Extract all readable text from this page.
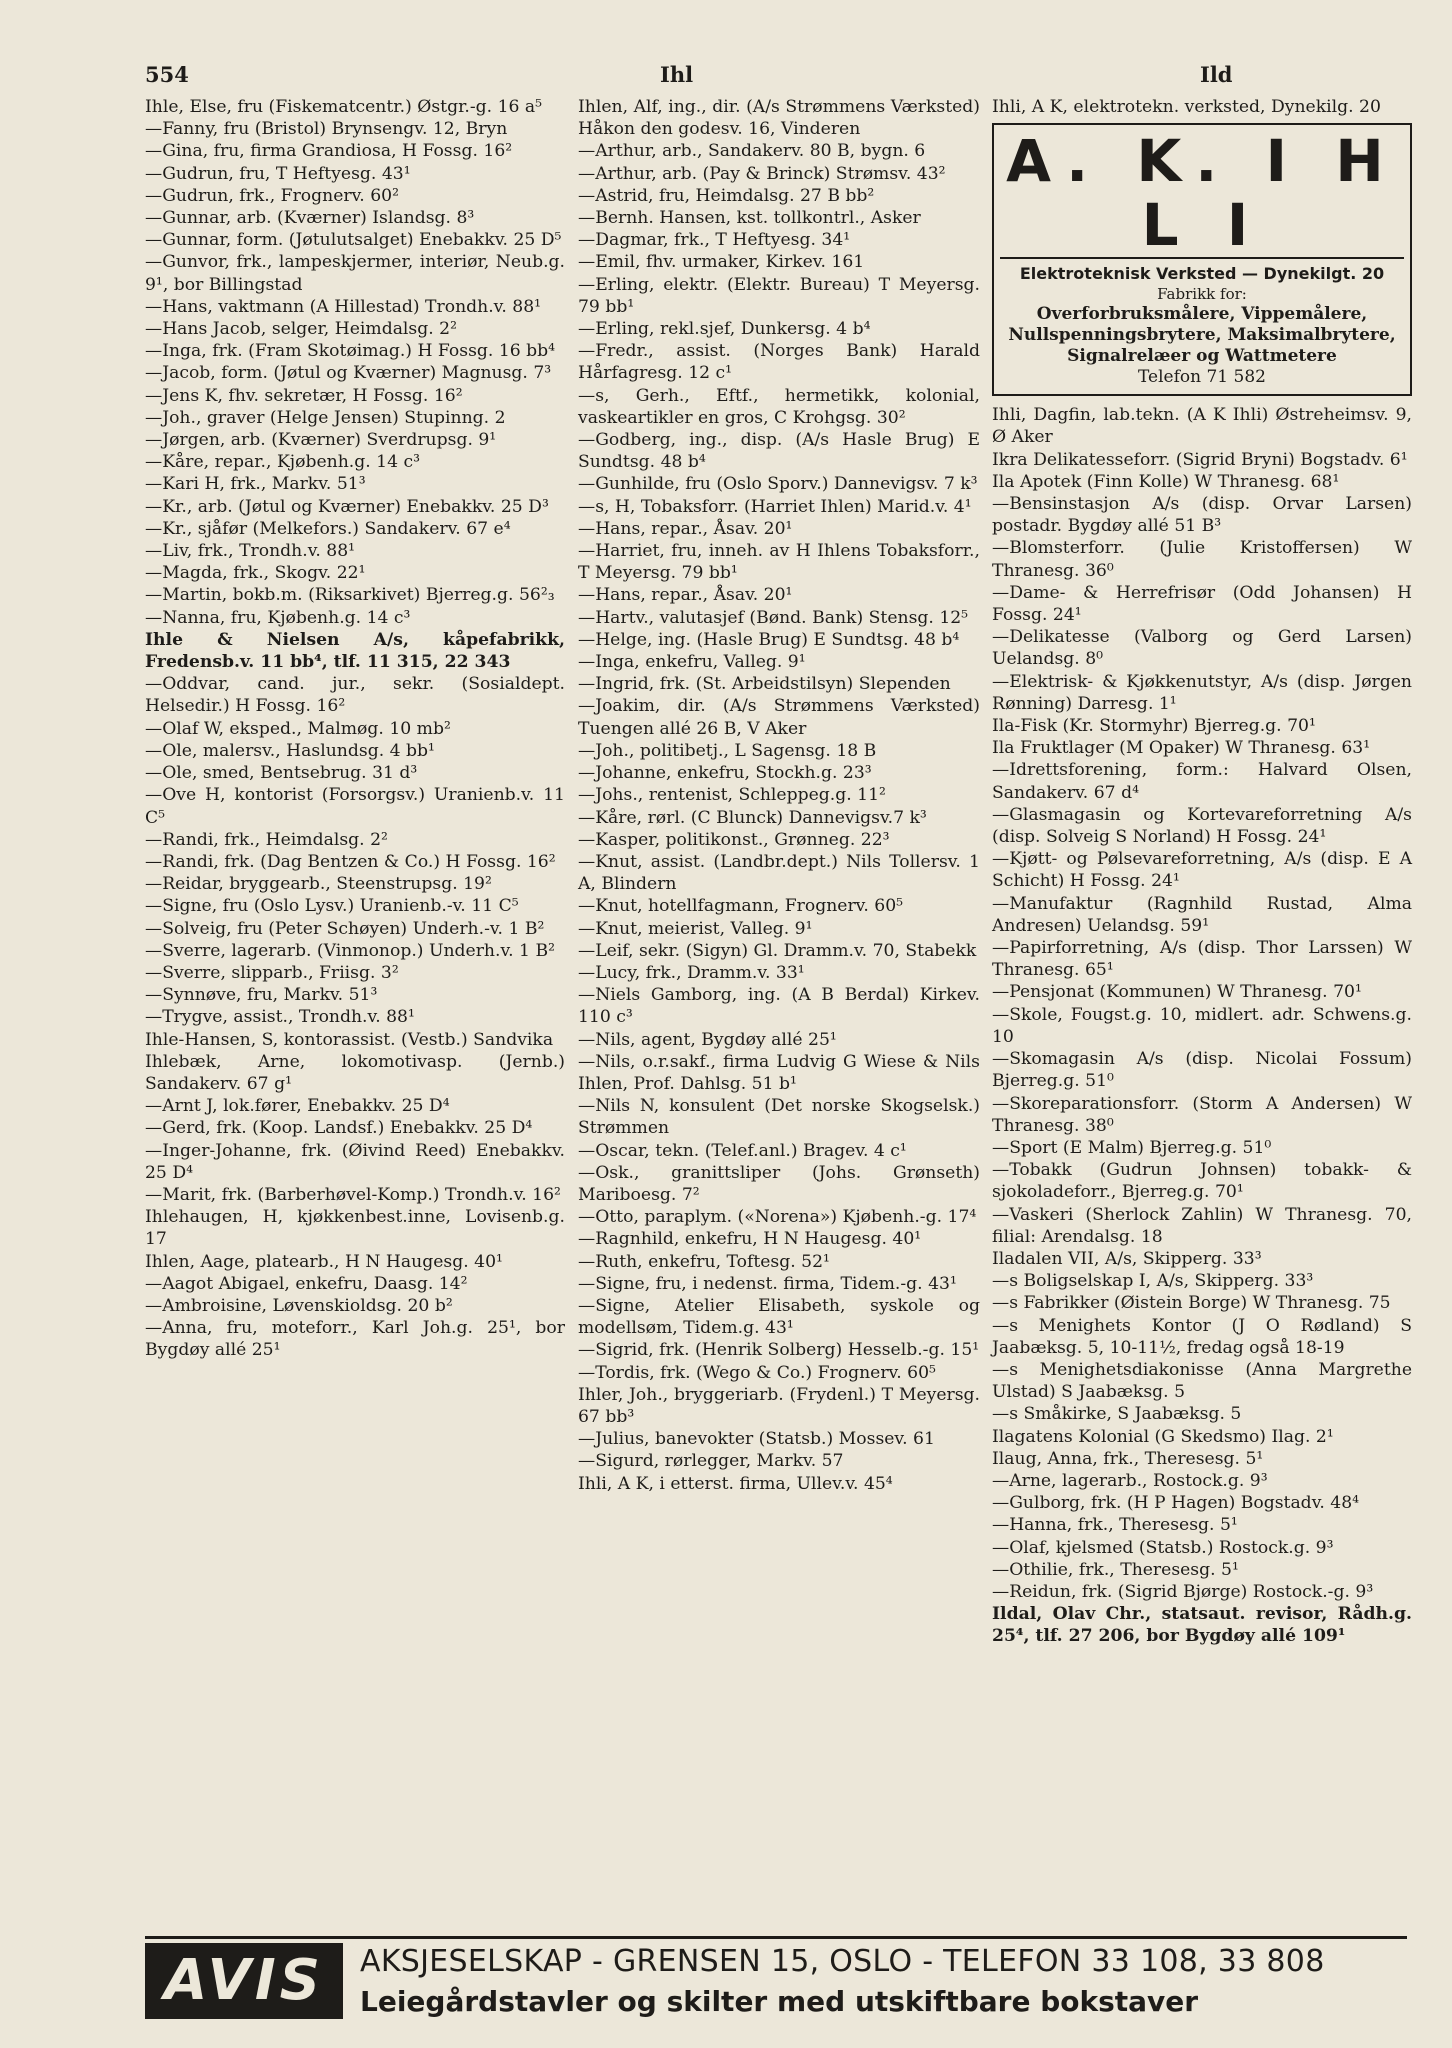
554	Ihl	Ild
Ihle, Else, fru (Fiskematcentr.) Østgr.-g. 16 a⁵
—Fanny, fru (Bristol) Brynsengv. 12, Bryn
—Gina, fru, firma Grandiosa, H Fossg. 16²
—Gudrun, fru, T Heftyesg. 43¹
—Gudrun, frk., Frognerv. 60²
—Gunnar, arb. (Kværner) Islandsg. 8³
—Gunnar, form. (Jøtulutsalget) Enebakkv. 25 D⁵
—Gunvor, frk., lampeskjermer, interiør, Neub.g. 9¹, bor Billingstad
—Hans, vaktmann (A Hillestad) Trondh.v. 88¹
—Hans Jacob, selger, Heimdalsg. 2²
—Inga, frk. (Fram Skotøimag.) H Fossg. 16 bb⁴
—Jacob, form. (Jøtul og Kværner) Magnusg. 7³
—Jens K, fhv. sekretær, H Fossg. 16²
—Joh., graver (Helge Jensen) Stupinng. 2
—Jørgen, arb. (Kværner) Sverdrupsg. 9¹
—Kåre, repar., Kjøbenh.g. 14 c³
—Kari H, frk., Markv. 51³
—Kr., arb. (Jøtul og Kværner) Enebakkv. 25 D³
—Kr., sjåfør (Melkefors.) Sandakerv. 67 e⁴
—Liv, frk., Trondh.v. 88¹
—Magda, frk., Skogv. 22¹
—Martin, bokb.m. (Riksarkivet) Bjerreg.g. 56²₃
—Nanna, fru, Kjøbenh.g. 14 c³
Ihle & Nielsen A/s, kåpefabrikk, Fredensb.v. 11 bb⁴, tlf. 11 315, 22 343
—Oddvar, cand. jur., sekr. (Sosialdept. Helsedir.) H Fossg. 16²
—Olaf W, eksped., Malmøg. 10 mb²
—Ole, malersv., Haslundsg. 4 bb¹
—Ole, smed, Bentsebrug. 31 d³
—Ove H, kontorist (Forsorgsv.) Uranienb.v. 11 C⁵
—Randi, frk., Heimdalsg. 2²
—Randi, frk. (Dag Bentzen & Co.) H Fossg. 16²
—Reidar, bryggearb., Steenstrupsg. 19²
—Signe, fru (Oslo Lysv.) Uranienb.-v. 11 C⁵
—Solveig, fru (Peter Schøyen) Underh.-v. 1 B²
—Sverre, lagerarb. (Vinmonop.) Underh.v. 1 B²
—Sverre, slipparb., Friisg. 3²
—Synnøve, fru, Markv. 51³
—Trygve, assist., Trondh.v. 88¹
Ihle-Hansen, S, kontorassist. (Vestb.) Sandvika
Ihlebæk, Arne, lokomotivasp. (Jernb.) Sandakerv. 67 g¹
—Arnt J, lok.fører, Enebakkv. 25 D⁴
—Gerd, frk. (Koop. Landsf.) Enebakkv. 25 D⁴
—Inger-Johanne, frk. (Øivind Reed) Enebakkv. 25 D⁴
—Marit, frk. (Barberhøvel-Komp.) Trondh.v. 16²
Ihlehaugen, H, kjøkkenbest.inne, Lovisenb.g. 17
Ihlen, Aage, platearb., H N Haugesg. 40¹
—Aagot Abigael, enkefru, Daasg. 14²
—Ambroisine, Løvenskioldsg. 20 b²
—Anna, fru, moteforr., Karl Joh.g. 25¹, bor Bygdøy allé 25¹
Ihlen, Alf, ing., dir. (A/s Strømmens Værksted) Håkon den godesv. 16, Vinderen
—Arthur, arb., Sandakerv. 80 B, bygn. 6
—Arthur, arb. (Pay & Brinck) Strømsv. 43²
—Astrid, fru, Heimdalsg. 27 B bb²
—Bernh. Hansen, kst. tollkontrl., Asker
—Dagmar, frk., T Heftyesg. 34¹
—Emil, fhv. urmaker, Kirkev. 161
—Erling, elektr. (Elektr. Bureau) T Meyersg. 79 bb¹
—Erling, rekl.sjef, Dunkersg. 4 b⁴
—Fredr., assist. (Norges Bank) Harald Hårfagresg. 12 c¹
—s, Gerh., Eftf., hermetikk, kolonial, vaskeartikler en gros, C Krohgsg. 30²
—Godberg, ing., disp. (A/s Hasle Brug) E Sundtsg. 48 b⁴
—Gunhilde, fru (Oslo Sporv.) Dannevigsv. 7 k³
—s, H, Tobaksforr. (Harriet Ihlen) Marid.v. 4¹
—Hans, repar., Åsav. 20¹
—Harriet, fru, inneh. av H Ihlens Tobaksforr., T Meyersg. 79 bb¹
—Hans, repar., Åsav. 20¹
—Hartv., valutasjef (Bønd. Bank) Stensg. 12⁵
—Helge, ing. (Hasle Brug) E Sundtsg. 48 b⁴
—Inga, enkefru, Valleg. 9¹
—Ingrid, frk. (St. Arbeidstilsyn) Slependen
—Joakim, dir. (A/s Strømmens Værksted) Tuengen allé 26 B, V Aker
—Joh., politibetj., L Sagensg. 18 B
—Johanne, enkefru, Stockh.g. 23³
—Johs., rentenist, Schleppeg.g. 11²
—Kåre, rørl. (C Blunck) Dannevigsv.7 k³
—Kasper, politikonst., Grønneg. 22³
—Knut, assist. (Landbr.dept.) Nils Tollersv. 1 A, Blindern
—Knut, hotellfagmann, Frognerv. 60⁵
—Knut, meierist, Valleg. 9¹
—Leif, sekr. (Sigyn) Gl. Dramm.v. 70, Stabekk
—Lucy, frk., Dramm.v. 33¹
—Niels Gamborg, ing. (A B Berdal) Kirkev. 110 c³
—Nils, agent, Bygdøy allé 25¹
—Nils, o.r.sakf., firma Ludvig G Wiese & Nils Ihlen, Prof. Dahlsg. 51 b¹
—Nils N, konsulent (Det norske Skogselsk.) Strømmen
—Oscar, tekn. (Telef.anl.) Bragev. 4 c¹
—Osk., granittsliper (Johs. Grønseth) Mariboesg. 7²
—Otto, paraplym. («Norena») Kjøbenh.-g. 17⁴
—Ragnhild, enkefru, H N Haugesg. 40¹
—Ruth, enkefru, Toftesg. 52¹
—Signe, fru, i nedenst. firma, Tidem.-g. 43¹
—Signe, Atelier Elisabeth, syskole og modellsøm, Tidem.g. 43¹
—Sigrid, frk. (Henrik Solberg) Hesselb.-g. 15¹
—Tordis, frk. (Wego & Co.) Frognerv. 60⁵
Ihler, Joh., bryggeriarb. (Frydenl.) T Meyersg. 67 bb³
—Julius, banevokter (Statsb.) Mossev. 61
—Sigurd, rørlegger, Markv. 57
Ihli, A K, i etterst. firma, Ullev.v. 45⁴
Ihli, A K, elektrotekn. verksted, Dynekilg. 20
A. K. I H L I
Elektroteknisk Verksted — Dynekilgt. 20
Fabrikk for:
Overforbruksmålere, Vippemålere,
Nullspenningsbrytere, Maksimalbrytere, Signalrelæer og Wattmetere
Telefon 71 582
Ihli, Dagfin, lab.tekn. (A K Ihli) Østreheimsv. 9, Ø Aker
Ikra Delikatesseforr. (Sigrid Bryni) Bogstadv. 6¹
Ila Apotek (Finn Kolle) W Thranesg. 68¹
—Bensinstasjon A/s (disp. Orvar Larsen) postadr. Bygdøy allé 51 B³
—Blomsterforr. (Julie Kristoffersen) W Thranesg. 36⁰
—Dame- & Herrefrisør (Odd Johansen) H Fossg. 24¹
—Delikatesse (Valborg og Gerd Larsen) Uelandsg. 8⁰
—Elektrisk- & Kjøkkenutstyr, A/s (disp. Jørgen Rønning) Darresg. 1¹
Ila-Fisk (Kr. Stormyhr) Bjerreg.g. 70¹
Ila Fruktlager (M Opaker) W Thranesg. 63¹
—Idrettsforening, form.: Halvard Olsen, Sandakerv. 67 d⁴
—Glasmagasin og Kortevareforretning A/s (disp. Solveig S Norland) H Fossg. 24¹
—Kjøtt- og Pølsevareforretning, A/s (disp. E A Schicht) H Fossg. 24¹
—Manufaktur (Ragnhild Rustad, Alma Andresen) Uelandsg. 59¹
—Papirforretning, A/s (disp. Thor Larssen) W Thranesg. 65¹
—Pensjonat (Kommunen) W Thranesg. 70¹
—Skole, Fougst.g. 10, midlert. adr. Schwens.g. 10
—Skomagasin A/s (disp. Nicolai Fossum) Bjerreg.g. 51⁰
—Skoreparationsforr. (Storm A Andersen) W Thranesg. 38⁰
—Sport (E Malm) Bjerreg.g. 51⁰
—Tobakk (Gudrun Johnsen) tobakk- & sjokoladeforr., Bjerreg.g. 70¹
—Vaskeri (Sherlock Zahlin) W Thranesg. 70, filial: Arendalsg. 18
Iladalen VII, A/s, Skipperg. 33³
—s Boligselskap I, A/s, Skipperg. 33³
—s Fabrikker (Øistein Borge) W Thranesg. 75
—s Menighets Kontor (J O Rødland) S Jaabæksg. 5, 10-11½, fredag også 18-19
—s Menighetsdiakonisse (Anna Margrethe Ulstad) S Jaabæksg. 5
—s Småkirke, S Jaabæksg. 5
Ilagatens Kolonial (G Skedsmo) Ilag. 2¹
Ilaug, Anna, frk., Theresesg. 5¹
—Arne, lagerarb., Rostock.g. 9³
—Gulborg, frk. (H P Hagen) Bogstadv. 48⁴
—Hanna, frk., Theresesg. 5¹
—Olaf, kjelsmed (Statsb.) Rostock.g. 9³
—Othilie, frk., Theresesg. 5¹
—Reidun, frk. (Sigrid Bjørge) Rostock.-g. 9³
Ildal, Olav Chr., statsaut. revisor, Rådh.g. 25⁴, tlf. 27 206, bor Bygdøy allé 109¹
AVIS	AKSJESELSKAP - GRENSEN 15, OSLO - TELEFON 33 108, 33 808
Leiegårdstavler og skilter med utskiftbare bokstaver
